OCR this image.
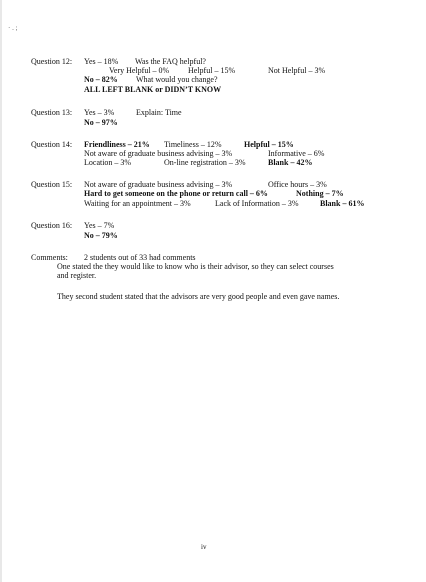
· . ;
Question 12: Yes – 18% Was the FAQ helpful?
Very Helpful – 0% Helpful – 15%	Not Helpful – 3%
No – 82% What would you change?
ALL LEFT BLANK or DIDN’T KNOW
Question 13: Yes – 3%	Explain: Time
No – 97%
Question 14: Friendliness – 21% Timeliness – 12%	Helpful – 15%
Not aware of graduate business advising – 3%	Informative – 6%
Location – 3%	On-line registration – 3%	Blank – 42%
Question 15: Not aware of graduate business advising – 3%	Office hours – 3%
Hard to get someone on the phone or return call – 6%	Nothing – 7%
Waiting for an appointment – 3%	Lack of Information – 3%	Blank – 61%
Question 16: Yes – 7%
No – 79%
Comments: 2 students out of 33 had comments
One stated the they would like to know who is their advisor, so they can select courses
and register.
They second student stated that the advisors are very good people and even gave names.
iv
